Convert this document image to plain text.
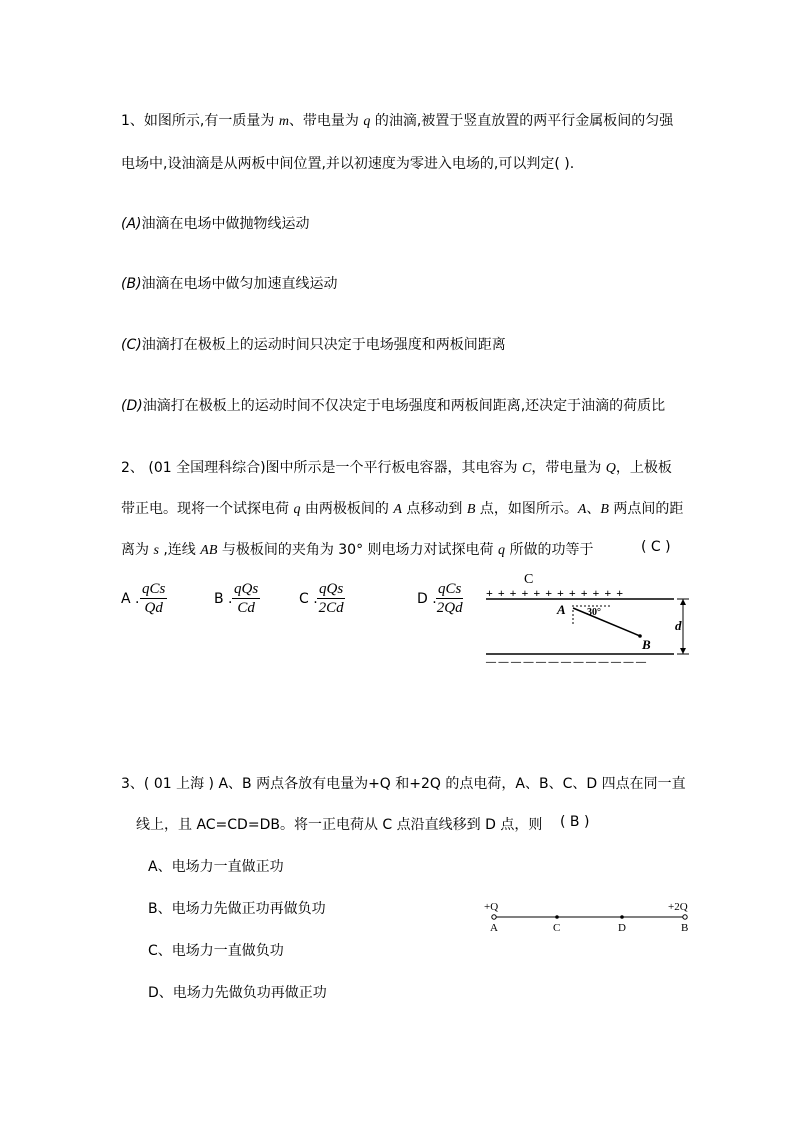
1、如图所示,有一质量为 m、带电量为 q 的油滴,被置于竖直放置的两平行金属板间的匀强
电场中,设油滴是从两板中间位置,并以初速度为零进入电场的,可以判定( ).
(A)油滴在电场中做抛物线运动
(B)油滴在电场中做匀加速直线运动
(C)油滴打在极板上的运动时间只决定于电场强度和两板间距离
(D)油滴打在极板上的运动时间不仅决定于电场强度和两板间距离,还决定于油滴的荷质比
2、 (01 全国理科综合)图中所示是一个平行板电容器，其电容为 C，带电量为 Q，上极板
带正电。现将一个试探电荷 q 由两极板间的 A 点移动到 B 点，如图所示。A、B 两点间的距
离为 s ,连线 AB 与极板间的夹角为 30° 则电场力对试探电荷 q 所做的功等于	( C )
A .
qCs
Qd
B .
qQs
Cd
C .
qQs
2Cd
D .
qCs
2Qd
C
+ + + + + + + + + + + +
— — — — — — — — — — — — —
A 30°
B
d
3、( 01 上海 ) A、B 两点各放有电量为+Q 和+2Q 的点电荷，A、B、C、D 四点在同一直
线上，且 AC=CD=DB。将一正电荷从 C 点沿直线移到 D 点，则 ( B )
A、电场力一直做正功
B、电场力先做正功再做负功
C、电场力一直做负功
D、电场力先做负功再做正功
+Q	+2Q
A	C	D	B
